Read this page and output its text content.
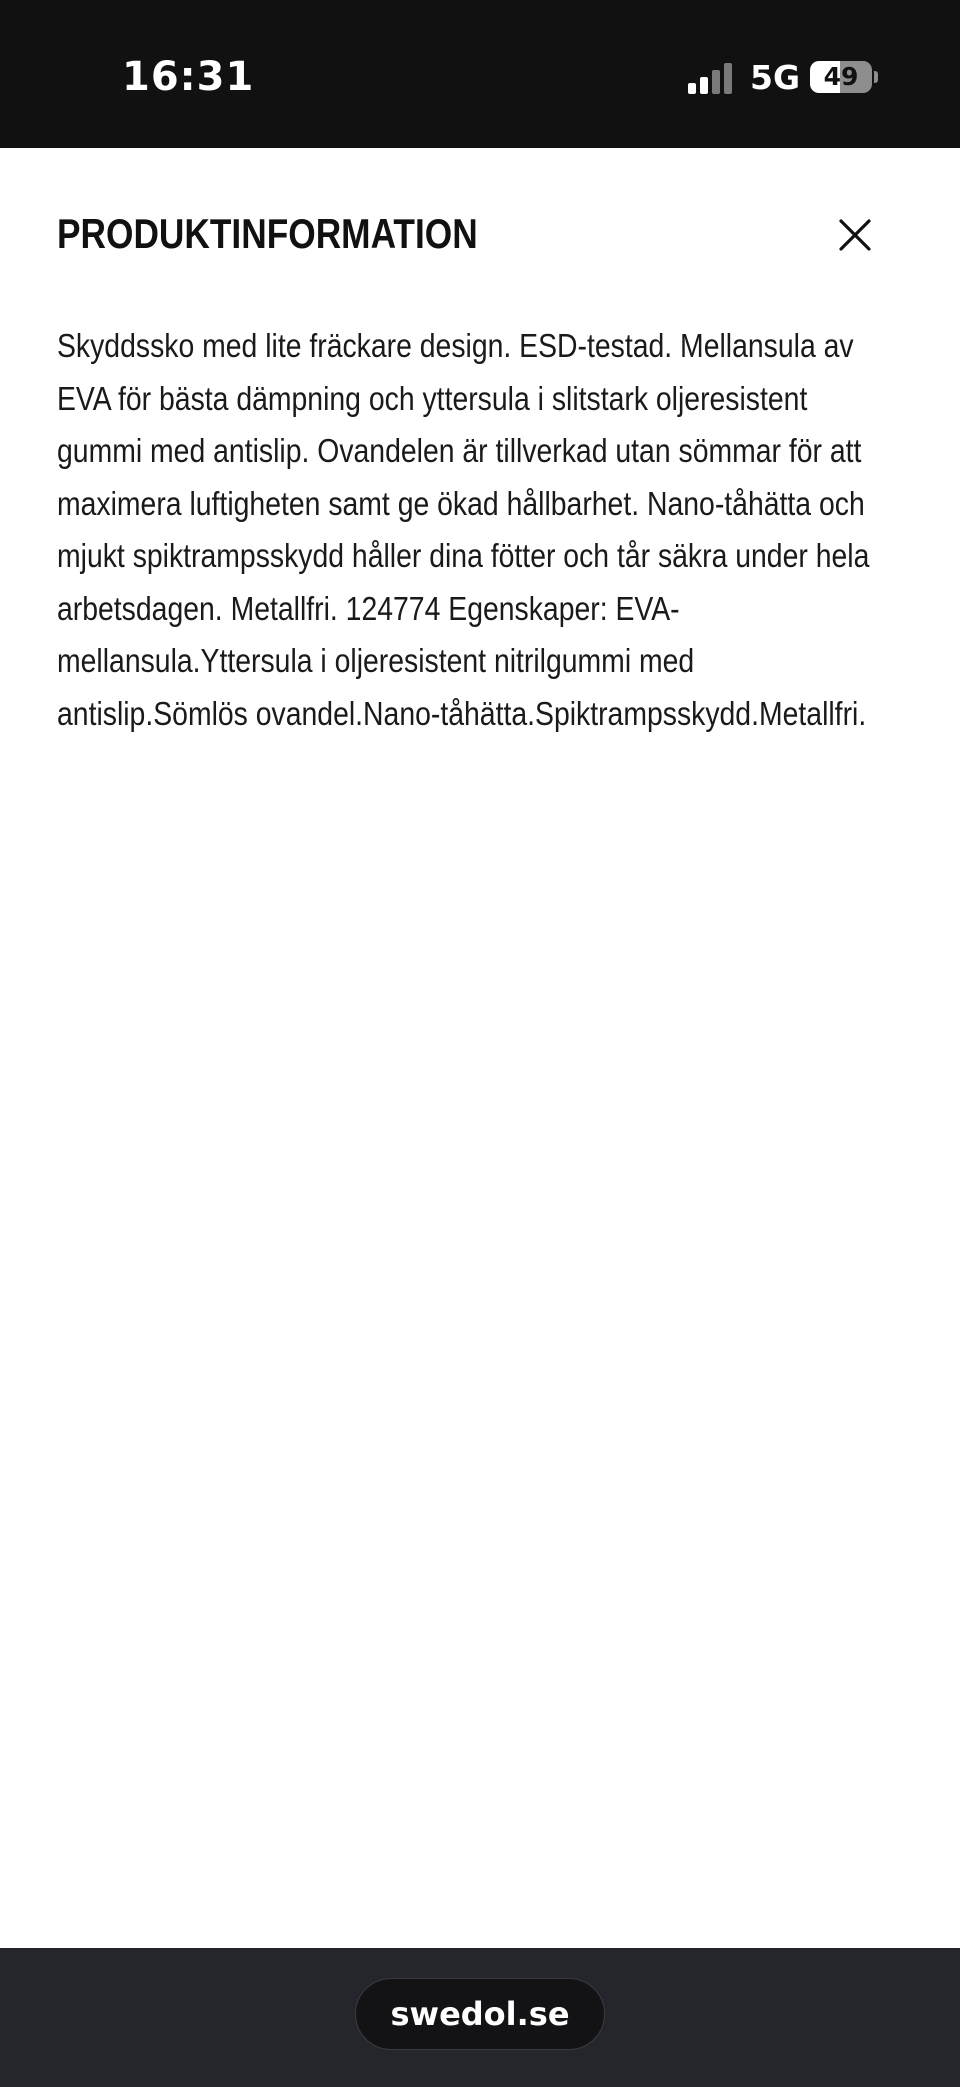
16:31	5G 49
PRODUKTINFORMATION

Skyddssko med lite fräckare design. ESD-testad. Mellansula av EVA för bästa dämpning och yttersula i slitstark oljeresistent gummi med antislip. Ovandelen är tillverkad utan sömmar för att maximera luftigheten samt ge ökad hållbarhet. Nano-tåhätta och mjukt spiktrampsskydd håller dina fötter och tår säkra under hela arbetsdagen. Metallfri. 124774 Egenskaper: EVA-mellansula.Yttersula i oljeresistent nitrilgummi med antislip.Sömlös ovandel.Nano-tåhätta.Spiktrampsskydd.Metallfri.

swedol.se
